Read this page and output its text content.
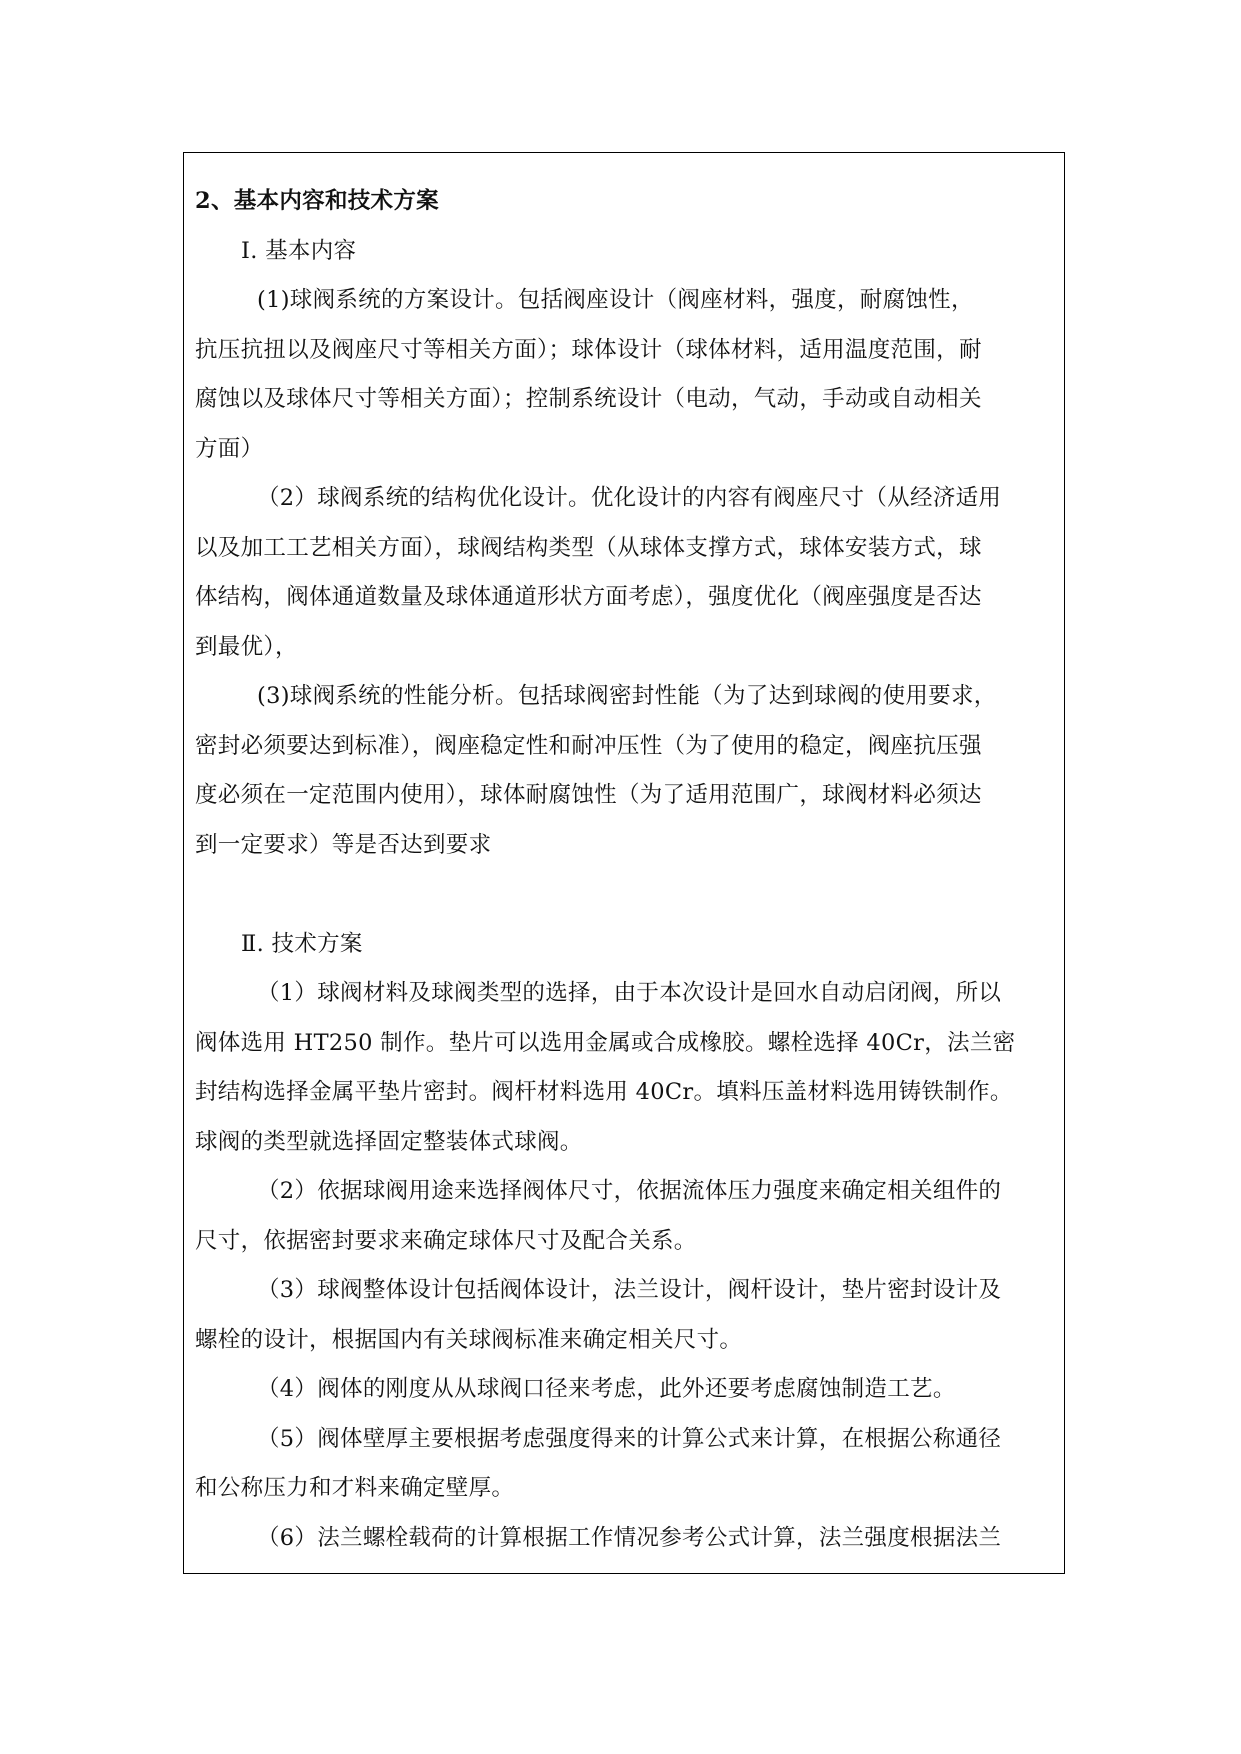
2、基本内容和技术方案
Ⅰ. 基本内容
(1)球阀系统的方案设计。包括阀座设计（阀座材料，强度，耐腐蚀性，
抗压抗扭以及阀座尺寸等相关方面）；球体设计（球体材料，适用温度范围，耐
腐蚀以及球体尺寸等相关方面）；控制系统设计（电动，气动，手动或自动相关
方面）
（2）球阀系统的结构优化设计。优化设计的内容有阀座尺寸（从经济适用
以及加工工艺相关方面），球阀结构类型（从球体支撑方式，球体安装方式，球
体结构，阀体通道数量及球体通道形状方面考虑），强度优化（阀座强度是否达
到最优），
(3)球阀系统的性能分析。包括球阀密封性能（为了达到球阀的使用要求，
密封必须要达到标准），阀座稳定性和耐冲压性（为了使用的稳定，阀座抗压强
度必须在一定范围内使用），球体耐腐蚀性（为了适用范围广，球阀材料必须达
到一定要求）等是否达到要求
Ⅱ. 技术方案
（1）球阀材料及球阀类型的选择，由于本次设计是回水自动启闭阀，所以
阀体选用 HT250 制作。垫片可以选用金属或合成橡胶。螺栓选择 40Cr，法兰密
封结构选择金属平垫片密封。阀杆材料选用 40Cr。填料压盖材料选用铸铁制作。
球阀的类型就选择固定整装体式球阀。
（2）依据球阀用途来选择阀体尺寸，依据流体压力强度来确定相关组件的
尺寸，依据密封要求来确定球体尺寸及配合关系。
（3）球阀整体设计包括阀体设计，法兰设计，阀杆设计，垫片密封设计及
螺栓的设计，根据国内有关球阀标准来确定相关尺寸。
（4）阀体的刚度从从球阀口径来考虑，此外还要考虑腐蚀制造工艺。
（5）阀体壁厚主要根据考虑强度得来的计算公式来计算，在根据公称通径
和公称压力和才料来确定壁厚。
（6）法兰螺栓载荷的计算根据工作情况参考公式计算，法兰强度根据法兰
